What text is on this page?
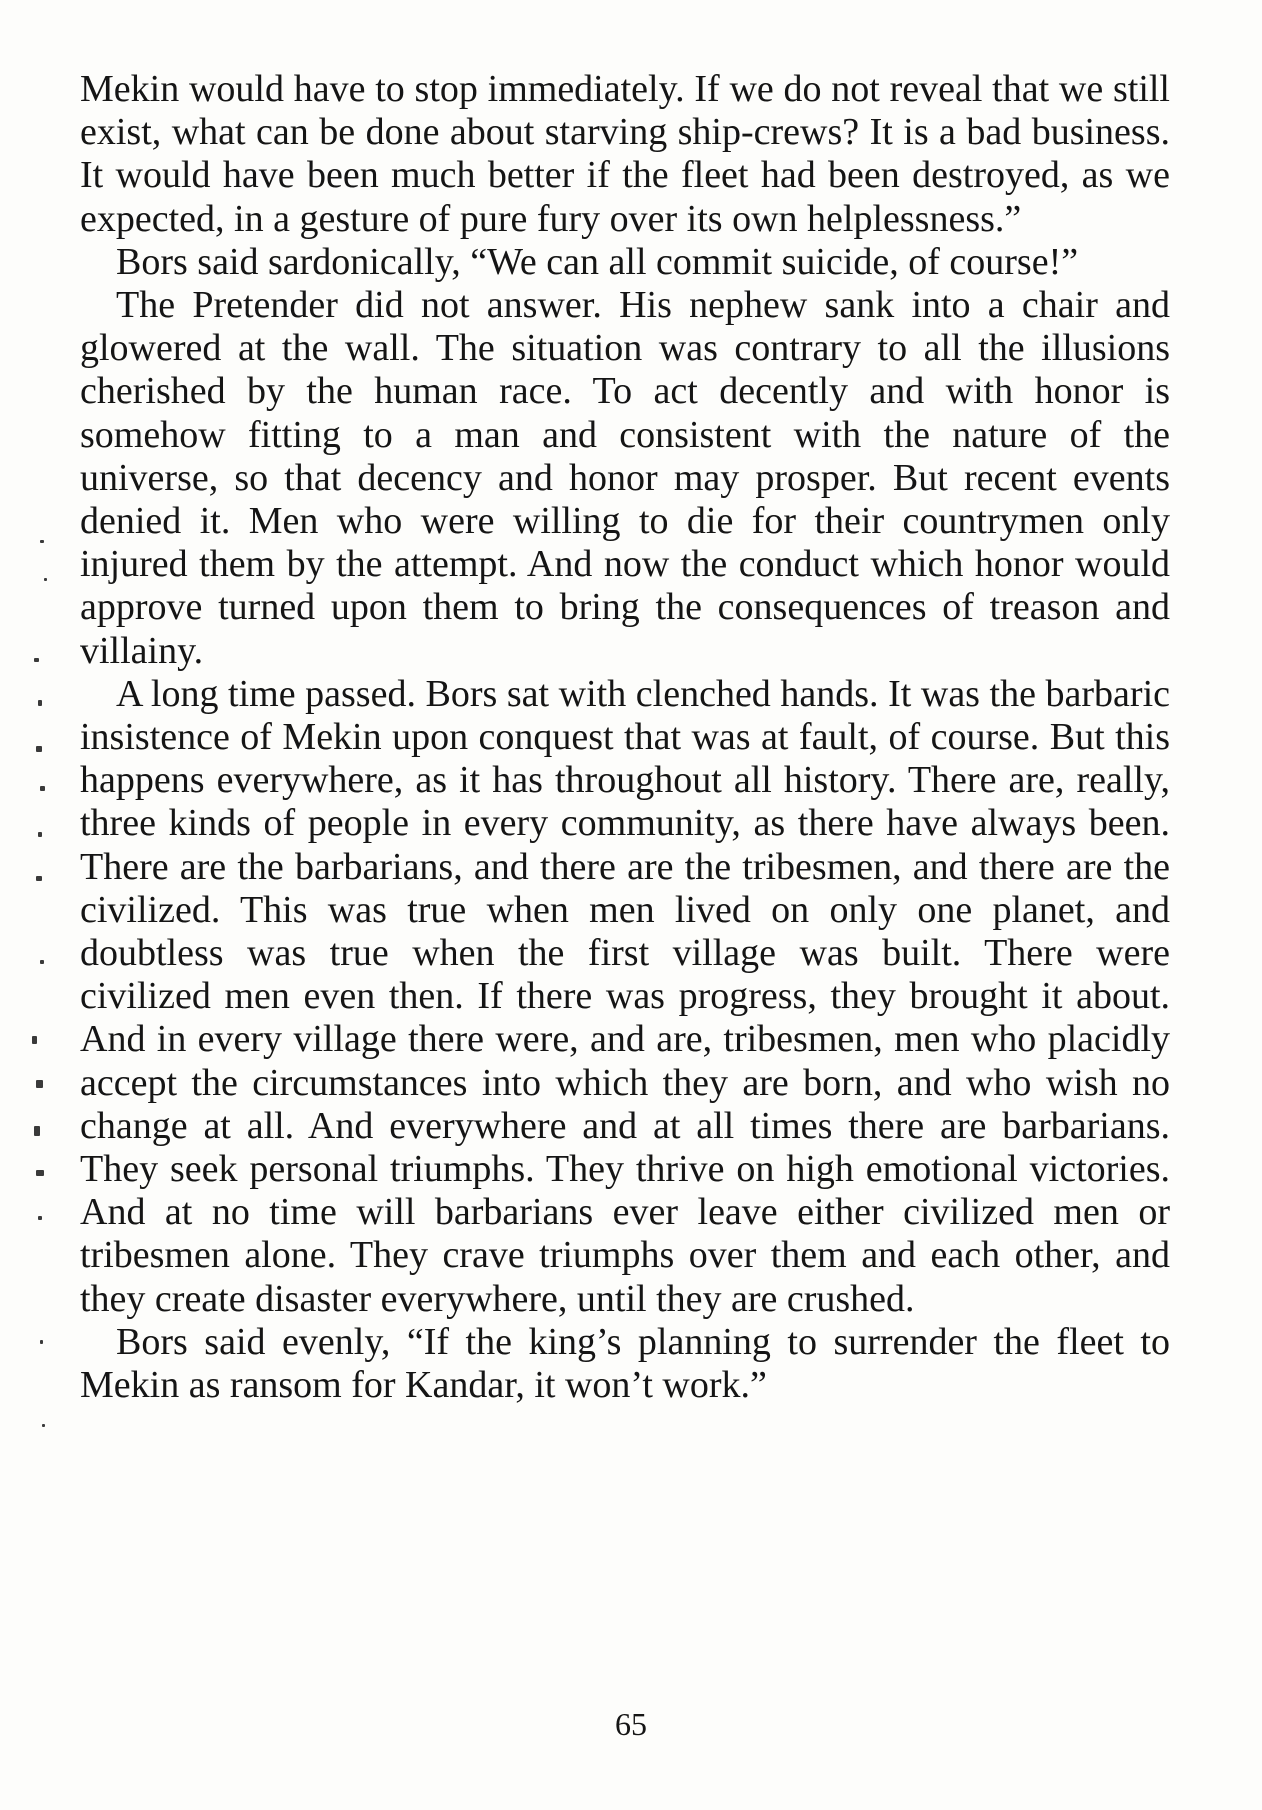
Mekin would have to stop immediately. If we do not reveal that we still exist, what can be done about starving ship-crews? It is a bad business. It would have been much better if the fleet had been destroyed, as we expected, in a gesture of pure fury over its own helplessness.”

Bors said sardonically, “We can all commit suicide, of course!”

The Pretender did not answer. His nephew sank into a chair and glowered at the wall. The situation was contrary to all the illusions cherished by the human race. To act decently and with honor is somehow fitting to a man and consistent with the nature of the universe, so that decency and honor may prosper. But recent events denied it. Men who were willing to die for their countrymen only injured them by the attempt. And now the conduct which honor would approve turned upon them to bring the consequences of treason and villainy.

A long time passed. Bors sat with clenched hands. It was the barbaric insistence of Mekin upon conquest that was at fault, of course. But this happens everywhere, as it has throughout all history. There are, really, three kinds of people in every community, as there have always been. There are the barbarians, and there are the tribesmen, and there are the civilized. This was true when men lived on only one planet, and doubtless was true when the first village was built. There were civilized men even then. If there was progress, they brought it about. And in every village there were, and are, tribesmen, men who placidly accept the circumstances into which they are born, and who wish no change at all. And everywhere and at all times there are barbarians. They seek personal triumphs. They thrive on high emotional victories. And at no time will barbarians ever leave either civilized men or tribesmen alone. They crave triumphs over them and each other, and they create disaster everywhere, until they are crushed.

Bors said evenly, “If the king’s planning to surrender the fleet to Mekin as ransom for Kandar, it won’t work.”

65
